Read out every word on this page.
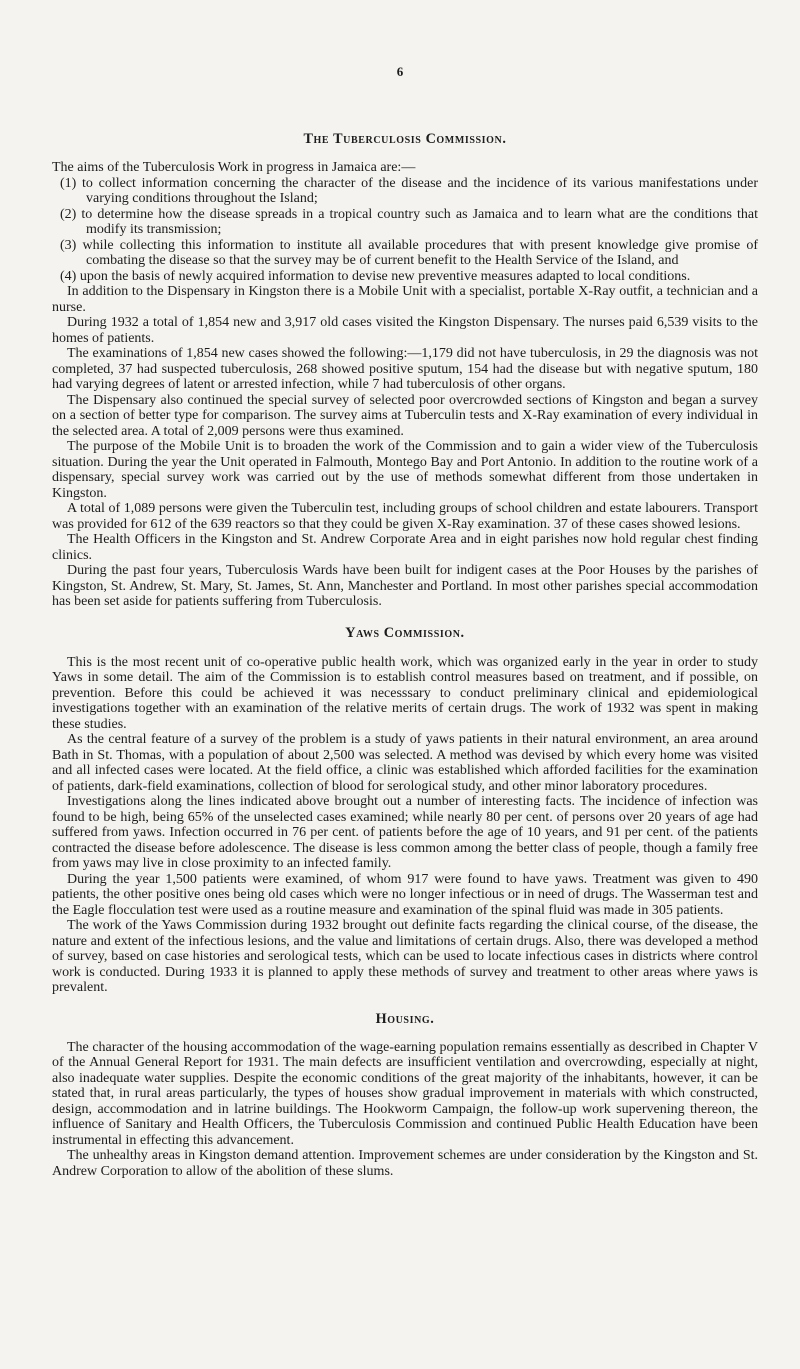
6
The Tuberculosis Commission.

The aims of the Tuberculosis Work in progress in Jamaica are:—

(1) to collect information concerning the character of the disease and the incidence of its various manifestations under varying conditions throughout the Island;
(2) to determine how the disease spreads in a tropical country such as Jamaica and to learn what are the conditions that modify its transmission;
(3) while collecting this information to institute all available procedures that with present knowledge give promise of combating the disease so that the survey may be of current benefit to the Health Service of the Island, and
(4) upon the basis of newly acquired information to devise new preventive measures adapted to local conditions.

In addition to the Dispensary in Kingston there is a Mobile Unit with a specialist, portable X-Ray outfit, a technician and a nurse.

During 1932 a total of 1,854 new and 3,917 old cases visited the Kingston Dispensary. The nurses paid 6,539 visits to the homes of patients.

The examinations of 1,854 new cases showed the following:—1,179 did not have tuberculosis, in 29 the diagnosis was not completed, 37 had suspected tuberculosis, 268 showed positive sputum, 154 had the disease but with negative sputum, 180 had varying degrees of latent or arrested infection, while 7 had tuberculosis of other organs.

The Dispensary also continued the special survey of selected poor overcrowded sections of Kingston and began a survey on a section of better type for comparison. The survey aims at Tuberculin tests and X-Ray examination of every individual in the selected area. A total of 2,009 persons were thus examined.

The purpose of the Mobile Unit is to broaden the work of the Commission and to gain a wider view of the Tuberculosis situation. During the year the Unit operated in Falmouth, Montego Bay and Port Antonio. In addition to the routine work of a dispensary, special survey work was carried out by the use of methods somewhat different from those undertaken in Kingston.

A total of 1,089 persons were given the Tuberculin test, including groups of school children and estate labourers. Transport was provided for 612 of the 639 reactors so that they could be given X-Ray examination. 37 of these cases showed lesions.

The Health Officers in the Kingston and St. Andrew Corporate Area and in eight parishes now hold regular chest finding clinics.

During the past four years, Tuberculosis Wards have been built for indigent cases at the Poor Houses by the parishes of Kingston, St. Andrew, St. Mary, St. James, St. Ann, Manchester and Portland. In most other parishes special accommodation has been set aside for patients suffering from Tuberculosis.

Yaws Commission.

This is the most recent unit of co-operative public health work, which was organized early in the year in order to study Yaws in some detail. The aim of the Commission is to establish control measures based on treatment, and if possible, on prevention. Before this could be achieved it was necesssary to conduct preliminary clinical and epidemiological investigations together with an examination of the relative merits of certain drugs. The work of 1932 was spent in making these studies.

As the central feature of a survey of the problem is a study of yaws patients in their natural environment, an area around Bath in St. Thomas, with a population of about 2,500 was selected. A method was devised by which every home was visited and all infected cases were located. At the field office, a clinic was established which afforded facilities for the examination of patients, dark-field examinations, collection of blood for serological study, and other minor laboratory procedures.

Investigations along the lines indicated above brought out a number of interesting facts. The incidence of infection was found to be high, being 65% of the unselected cases examined; while nearly 80 per cent. of persons over 20 years of age had suffered from yaws. Infection occurred in 76 per cent. of patients before the age of 10 years, and 91 per cent. of the patients contracted the disease before adolescence. The disease is less common among the better class of people, though a family free from yaws may live in close proximity to an infected family.

During the year 1,500 patients were examined, of whom 917 were found to have yaws. Treatment was given to 490 patients, the other positive ones being old cases which were no longer infectious or in need of drugs. The Wasserman test and the Eagle flocculation test were used as a routine measure and examination of the spinal fluid was made in 305 patients.

The work of the Yaws Commission during 1932 brought out definite facts regarding the clinical course, of the disease, the nature and extent of the infectious lesions, and the value and limitations of certain drugs. Also, there was developed a method of survey, based on case histories and serological tests, which can be used to locate infectious cases in districts where control work is conducted. During 1933 it is planned to apply these methods of survey and treatment to other areas where yaws is prevalent.

Housing.

The character of the housing accommodation of the wage-earning population remains essentially as described in Chapter V of the Annual General Report for 1931. The main defects are insufficient ventilation and overcrowding, especially at night, also inadequate water supplies. Despite the economic conditions of the great majority of the inhabitants, however, it can be stated that, in rural areas particularly, the types of houses show gradual improvement in materials with which constructed, design, accommodation and in latrine buildings. The Hookworm Campaign, the follow-up work supervening thereon, the influence of Sanitary and Health Officers, the Tuberculosis Commission and continued Public Health Education have been instrumental in effecting this advancement.

The unhealthy areas in Kingston demand attention. Improvement schemes are under consideration by the Kingston and St. Andrew Corporation to allow of the abolition of these slums.
